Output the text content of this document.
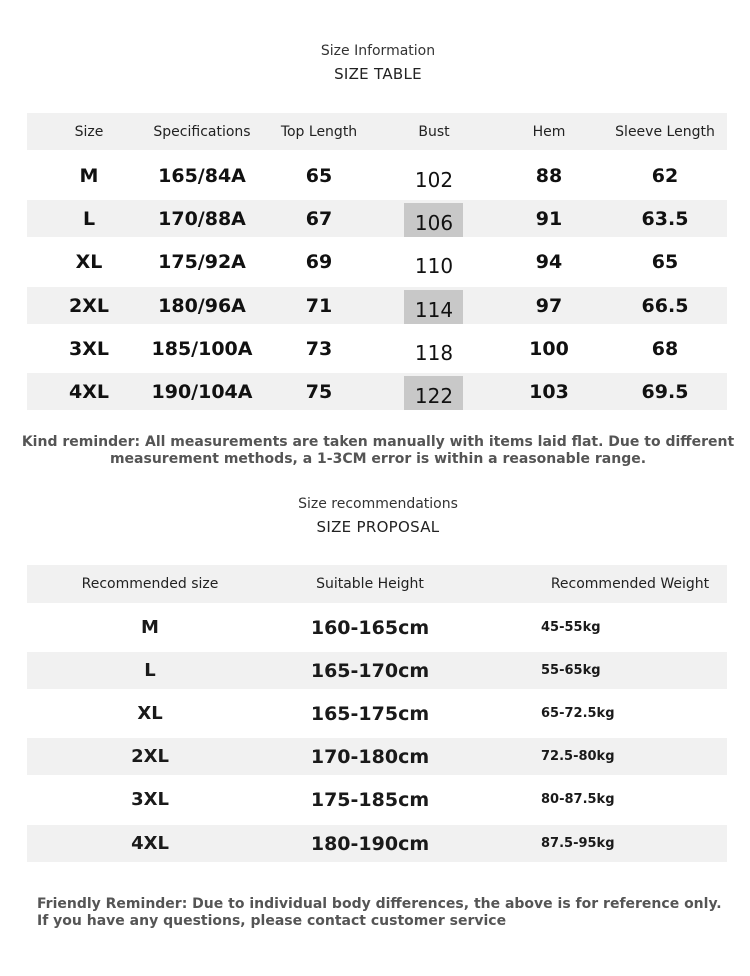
Size Information
SIZE TABLE
Size	Specifications	Top Length	Bust	Hem	Sleeve Length
M	165/84A	65	102	88	62
L	170/88A	67	106	91	63.5
XL	175/92A	69	110	94	65
2XL	180/96A	71	114	97	66.5
3XL	185/100A	73	118	100	68
4XL	190/104A	75	122	103	69.5
Kind reminder: All measurements are taken manually with items laid flat. Due to different measurement methods, a 1-3CM error is within a reasonable range.
Size recommendations
SIZE PROPOSAL
Recommended size	Suitable Height	Recommended Weight
M	160-165cm	45-55kg
L	165-170cm	55-65kg
XL	165-175cm	65-72.5kg
2XL	170-180cm	72.5-80kg
3XL	175-185cm	80-87.5kg
4XL	180-190cm	87.5-95kg
Friendly Reminder: Due to individual body differences, the above is for reference only. If you have any questions, please contact customer service
